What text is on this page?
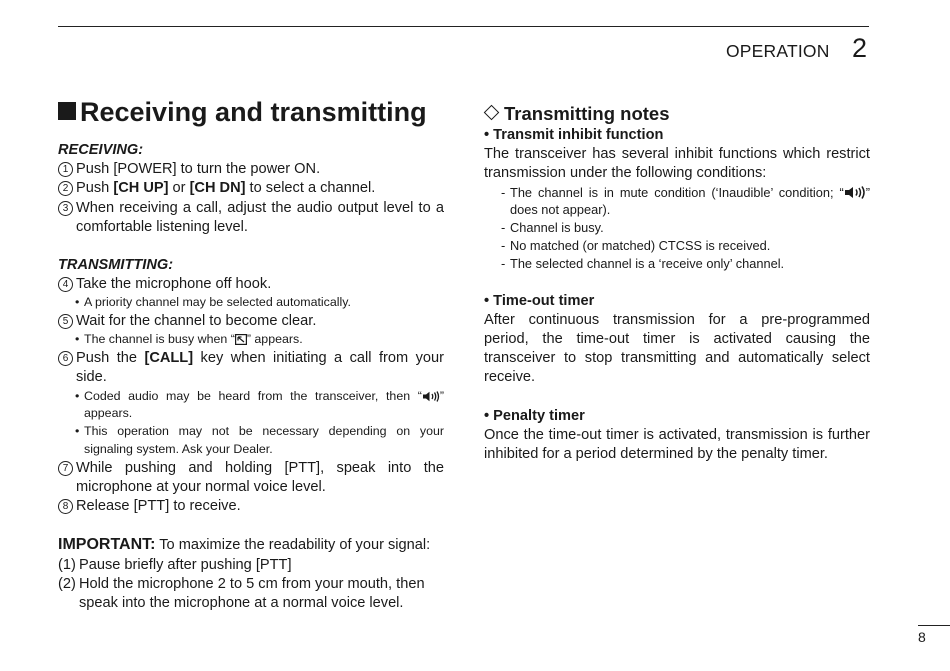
OPERATION 2
Receiving and transmitting
RECEIVING:
1 Push [POWER] to turn the power ON.
2 Push [CH UP] or [CH DN] to select a channel.
3 When receiving a call, adjust the audio output level to a comfortable listening level.
TRANSMITTING:
4 Take the microphone off hook.
• A priority channel may be selected automatically.
5 Wait for the channel to become clear.
• The channel is busy when “ ” appears.
6 Push the [CALL] key when initiating a call from your side.
• Coded audio may be heard from the transceiver, then “ ” appears.
• This operation may not be necessary depending on your signaling system. Ask your Dealer.
7 While pushing and holding [PTT], speak into the microphone at your normal voice level.
8 Release [PTT] to receive.
IMPORTANT: To maximize the readability of your signal:
(1) Pause briefly after pushing [PTT]
(2) Hold the microphone 2 to 5 cm from your mouth, then speak into the microphone at a normal voice level.
Transmitting notes
• Transmit inhibit function
The transceiver has several inhibit functions which restrict transmission under the following conditions:
- The channel is in mute condition (‘Inaudible’ condition; “ ” does not appear).
- Channel is busy.
- No matched (or matched) CTCSS is received.
- The selected channel is a ‘receive only’ channel.
• Time-out timer
After continuous transmission for a pre-programmed period, the time-out timer is activated causing the transceiver to stop transmitting and automatically select receive.
• Penalty timer
Once the time-out timer is activated, transmission is further inhibited for a period determined by the penalty timer.
8
